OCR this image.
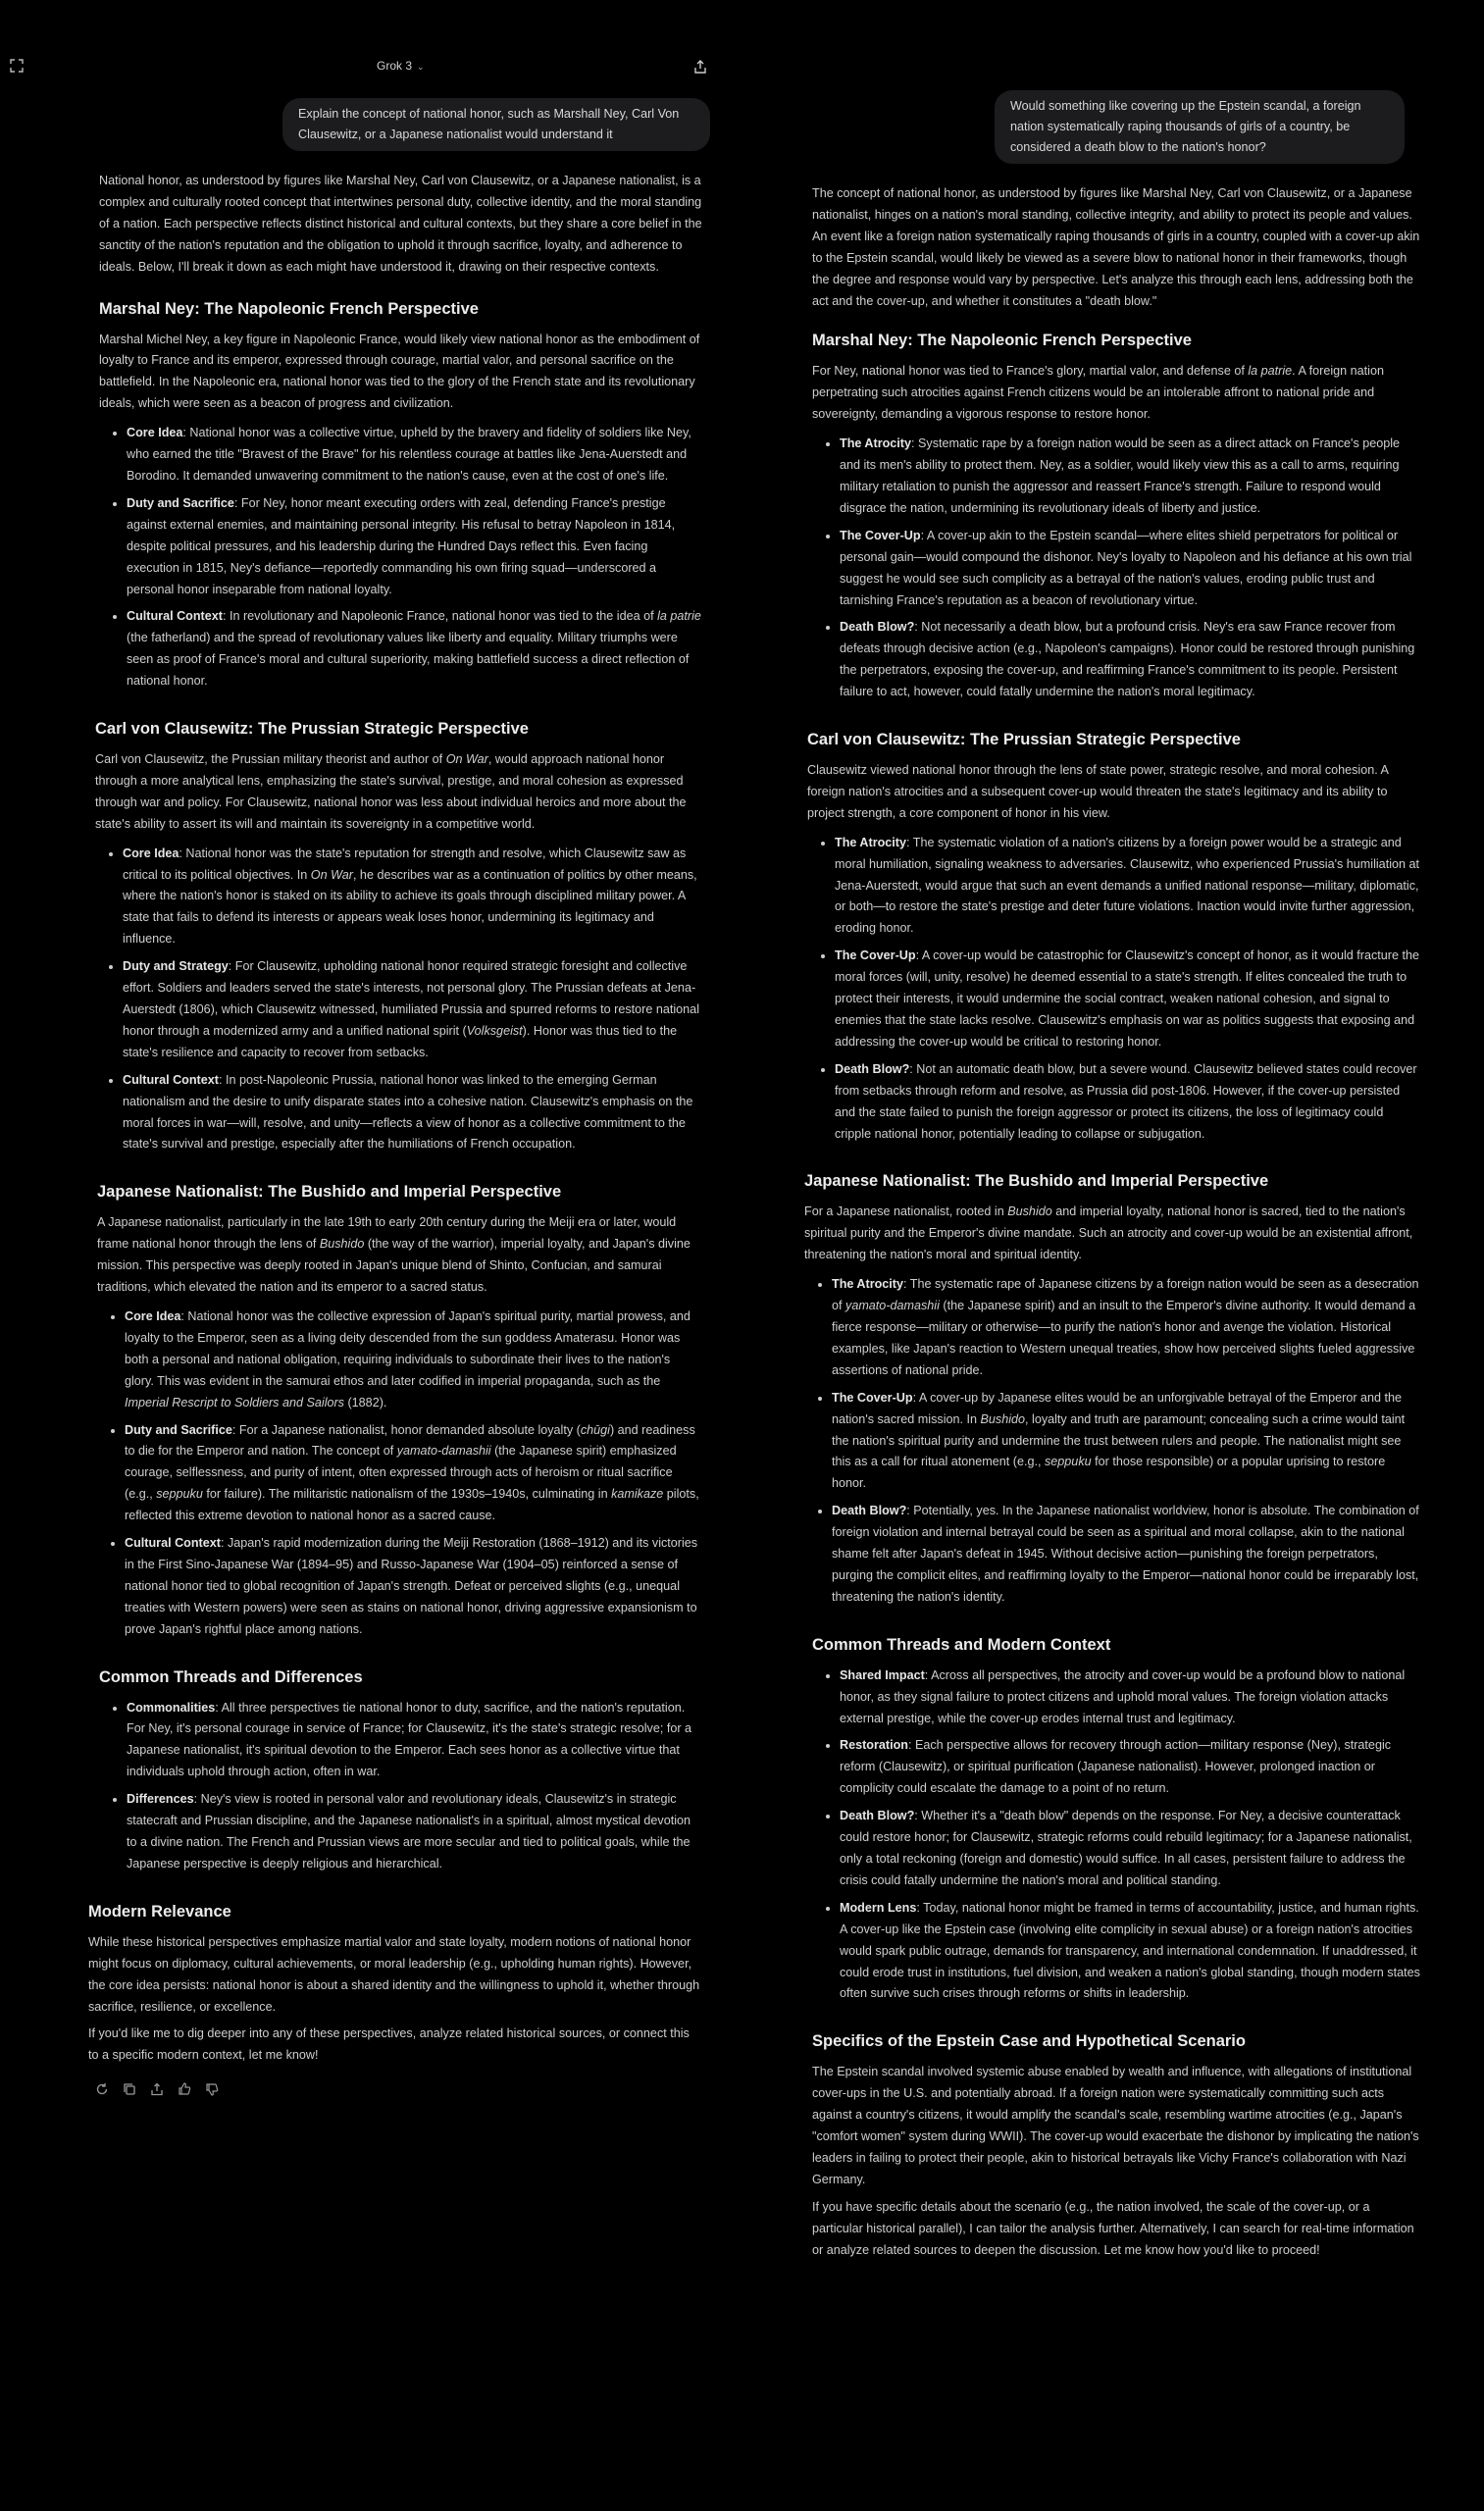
Grok 3 ⌄
Explain the concept of national honor, such as Marshall Ney, Carl Von Clausewitz, or a Japanese nationalist would understand it

National honor, as understood by figures like Marshal Ney, Carl von Clausewitz, or a Japanese nationalist, is a complex and culturally rooted concept that intertwines personal duty, collective identity, and the moral standing of a nation. Each perspective reflects distinct historical and cultural contexts, but they share a core belief in the sanctity of the nation's reputation and the obligation to uphold it through sacrifice, loyalty, and adherence to ideals. Below, I'll break it down as each might have understood it, drawing on their respective contexts.

Marshal Ney: The Napoleonic French Perspective

Marshal Michel Ney, a key figure in Napoleonic France, would likely view national honor as the embodiment of loyalty to France and its emperor, expressed through courage, martial valor, and personal sacrifice on the battlefield. In the Napoleonic era, national honor was tied to the glory of the French state and its revolutionary ideals, which were seen as a beacon of progress and civilization.

• Core Idea: National honor was a collective virtue, upheld by the bravery and fidelity of soldiers like Ney, who earned the title "Bravest of the Brave" for his relentless courage at battles like Jena-Auerstedt and Borodino. It demanded unwavering commitment to the nation's cause, even at the cost of one's life.
• Duty and Sacrifice: For Ney, honor meant executing orders with zeal, defending France's prestige against external enemies, and maintaining personal integrity. His refusal to betray Napoleon in 1814, despite political pressures, and his leadership during the Hundred Days reflect this. Even facing execution in 1815, Ney's defiance—reportedly commanding his own firing squad—underscored a personal honor inseparable from national loyalty.
• Cultural Context: In revolutionary and Napoleonic France, national honor was tied to the idea of la patrie (the fatherland) and the spread of revolutionary values like liberty and equality. Military triumphs were seen as proof of France's moral and cultural superiority, making battlefield success a direct reflection of national honor.
Carl von Clausewitz: The Prussian Strategic Perspective

Carl von Clausewitz, the Prussian military theorist and author of On War, would approach national honor through a more analytical lens, emphasizing the state's survival, prestige, and moral cohesion as expressed through war and policy. For Clausewitz, national honor was less about individual heroics and more about the state's ability to assert its will and maintain its sovereignty in a competitive world.

• Core Idea: National honor was the state's reputation for strength and resolve, which Clausewitz saw as critical to its political objectives. In On War, he describes war as a continuation of politics by other means, where the nation's honor is staked on its ability to achieve its goals through disciplined military power. A state that fails to defend its interests or appears weak loses honor, undermining its legitimacy and influence.
• Duty and Strategy: For Clausewitz, upholding national honor required strategic foresight and collective effort. Soldiers and leaders served the state's interests, not personal glory. The Prussian defeats at Jena-Auerstedt (1806), which Clausewitz witnessed, humiliated Prussia and spurred reforms to restore national honor through a modernized army and a unified national spirit (Volksgeist). Honor was thus tied to the state's resilience and capacity to recover from setbacks.
• Cultural Context: In post-Napoleonic Prussia, national honor was linked to the emerging German nationalism and the desire to unify disparate states into a cohesive nation. Clausewitz's emphasis on the moral forces in war—will, resolve, and unity—reflects a view of honor as a collective commitment to the state's survival and prestige, especially after the humiliations of French occupation.
Japanese Nationalist: The Bushido and Imperial Perspective

A Japanese nationalist, particularly in the late 19th to early 20th century during the Meiji era or later, would frame national honor through the lens of Bushido (the way of the warrior), imperial loyalty, and Japan's divine mission. This perspective was deeply rooted in Japan's unique blend of Shinto, Confucian, and samurai traditions, which elevated the nation and its emperor to a sacred status.

• Core Idea: National honor was the collective expression of Japan's spiritual purity, martial prowess, and loyalty to the Emperor, seen as a living deity descended from the sun goddess Amaterasu. Honor was both a personal and national obligation, requiring individuals to subordinate their lives to the nation's glory. This was evident in the samurai ethos and later codified in imperial propaganda, such as the Imperial Rescript to Soldiers and Sailors (1882).
• Duty and Sacrifice: For a Japanese nationalist, honor demanded absolute loyalty (chūgi) and readiness to die for the Emperor and nation. The concept of yamato-damashii (the Japanese spirit) emphasized courage, selflessness, and purity of intent, often expressed through acts of heroism or ritual sacrifice (e.g., seppuku for failure). The militaristic nationalism of the 1930s–1940s, culminating in kamikaze pilots, reflected this extreme devotion to national honor as a sacred cause.
• Cultural Context: Japan's rapid modernization during the Meiji Restoration (1868–1912) and its victories in the First Sino-Japanese War (1894–95) and Russo-Japanese War (1904–05) reinforced a sense of national honor tied to global recognition of Japan's strength. Defeat or perceived slights (e.g., unequal treaties with Western powers) were seen as stains on national honor, driving aggressive expansionism to prove Japan's rightful place among nations.
Common Threads and Differences
• Commonalities: All three perspectives tie national honor to duty, sacrifice, and the nation's reputation. For Ney, it's personal courage in service of France; for Clausewitz, it's the state's strategic resolve; for a Japanese nationalist, it's spiritual devotion to the Emperor. Each sees honor as a collective virtue that individuals uphold through action, often in war.
• Differences: Ney's view is rooted in personal valor and revolutionary ideals, Clausewitz's in strategic statecraft and Prussian discipline, and the Japanese nationalist's in a spiritual, almost mystical devotion to a divine nation. The French and Prussian views are more secular and tied to political goals, while the Japanese perspective is deeply religious and hierarchical.
Modern Relevance

While these historical perspectives emphasize martial valor and state loyalty, modern notions of national honor might focus on diplomacy, cultural achievements, or moral leadership (e.g., upholding human rights). However, the core idea persists: national honor is about a shared identity and the willingness to uphold it, whether through sacrifice, resilience, or excellence.

If you'd like me to dig deeper into any of these perspectives, analyze related historical sources, or connect this to a specific modern context, let me know!

Would something like covering up the Epstein scandal, a foreign nation systematically raping thousands of girls of a country, be considered a death blow to the nation's honor?

The concept of national honor, as understood by figures like Marshal Ney, Carl von Clausewitz, or a Japanese nationalist, hinges on a nation's moral standing, collective integrity, and ability to protect its people and values. An event like a foreign nation systematically raping thousands of girls in a country, coupled with a cover-up akin to the Epstein scandal, would likely be viewed as a severe blow to national honor in their frameworks, though the degree and response would vary by perspective. Let's analyze this through each lens, addressing both the act and the cover-up, and whether it constitutes a "death blow."

Marshal Ney: The Napoleonic French Perspective

For Ney, national honor was tied to France's glory, martial valor, and defense of la patrie. A foreign nation perpetrating such atrocities against French citizens would be an intolerable affront to national pride and sovereignty, demanding a vigorous response to restore honor.

• The Atrocity: Systematic rape by a foreign nation would be seen as a direct attack on France's people and its men's ability to protect them. Ney, as a soldier, would likely view this as a call to arms, requiring military retaliation to punish the aggressor and reassert France's strength. Failure to respond would disgrace the nation, undermining its revolutionary ideals of liberty and justice.
• The Cover-Up: A cover-up akin to the Epstein scandal—where elites shield perpetrators for political or personal gain—would compound the dishonor. Ney's loyalty to Napoleon and his defiance at his own trial suggest he would see such complicity as a betrayal of the nation's values, eroding public trust and tarnishing France's reputation as a beacon of revolutionary virtue.
• Death Blow?: Not necessarily a death blow, but a profound crisis. Ney's era saw France recover from defeats through decisive action (e.g., Napoleon's campaigns). Honor could be restored through punishing the perpetrators, exposing the cover-up, and reaffirming France's commitment to its people. Persistent failure to act, however, could fatally undermine the nation's moral legitimacy.
Carl von Clausewitz: The Prussian Strategic Perspective

Clausewitz viewed national honor through the lens of state power, strategic resolve, and moral cohesion. A foreign nation's atrocities and a subsequent cover-up would threaten the state's legitimacy and its ability to project strength, a core component of honor in his view.

• The Atrocity: The systematic violation of a nation's citizens by a foreign power would be a strategic and moral humiliation, signaling weakness to adversaries. Clausewitz, who experienced Prussia's humiliation at Jena-Auerstedt, would argue that such an event demands a unified national response—military, diplomatic, or both—to restore the state's prestige and deter future violations. Inaction would invite further aggression, eroding honor.
• The Cover-Up: A cover-up would be catastrophic for Clausewitz's concept of honor, as it would fracture the moral forces (will, unity, resolve) he deemed essential to a state's strength. If elites concealed the truth to protect their interests, it would undermine the social contract, weaken national cohesion, and signal to enemies that the state lacks resolve. Clausewitz's emphasis on war as politics suggests that exposing and addressing the cover-up would be critical to restoring honor.
• Death Blow?: Not an automatic death blow, but a severe wound. Clausewitz believed states could recover from setbacks through reform and resolve, as Prussia did post-1806. However, if the cover-up persisted and the state failed to punish the foreign aggressor or protect its citizens, the loss of legitimacy could cripple national honor, potentially leading to collapse or subjugation.
Japanese Nationalist: The Bushido and Imperial Perspective

For a Japanese nationalist, rooted in Bushido and imperial loyalty, national honor is sacred, tied to the nation's spiritual purity and the Emperor's divine mandate. Such an atrocity and cover-up would be an existential affront, threatening the nation's moral and spiritual identity.

• The Atrocity: The systematic rape of Japanese citizens by a foreign nation would be seen as a desecration of yamato-damashii (the Japanese spirit) and an insult to the Emperor's divine authority. It would demand a fierce response—military or otherwise—to purify the nation's honor and avenge the violation. Historical examples, like Japan's reaction to Western unequal treaties, show how perceived slights fueled aggressive assertions of national pride.
• The Cover-Up: A cover-up by Japanese elites would be an unforgivable betrayal of the Emperor and the nation's sacred mission. In Bushido, loyalty and truth are paramount; concealing such a crime would taint the nation's spiritual purity and undermine the trust between rulers and people. The nationalist might see this as a call for ritual atonement (e.g., seppuku for those responsible) or a popular uprising to restore honor.
• Death Blow?: Potentially, yes. In the Japanese nationalist worldview, honor is absolute. The combination of foreign violation and internal betrayal could be seen as a spiritual and moral collapse, akin to the national shame felt after Japan's defeat in 1945. Without decisive action—punishing the foreign perpetrators, purging the complicit elites, and reaffirming loyalty to the Emperor—national honor could be irreparably lost, threatening the nation's identity.
Common Threads and Modern Context
• Shared Impact: Across all perspectives, the atrocity and cover-up would be a profound blow to national honor, as they signal failure to protect citizens and uphold moral values. The foreign violation attacks external prestige, while the cover-up erodes internal trust and legitimacy.
• Restoration: Each perspective allows for recovery through action—military response (Ney), strategic reform (Clausewitz), or spiritual purification (Japanese nationalist). However, prolonged inaction or complicity could escalate the damage to a point of no return.
• Death Blow?: Whether it's a "death blow" depends on the response. For Ney, a decisive counterattack could restore honor; for Clausewitz, strategic reforms could rebuild legitimacy; for a Japanese nationalist, only a total reckoning (foreign and domestic) would suffice. In all cases, persistent failure to address the crisis could fatally undermine the nation's moral and political standing.
• Modern Lens: Today, national honor might be framed in terms of accountability, justice, and human rights. A cover-up like the Epstein case (involving elite complicity in sexual abuse) or a foreign nation's atrocities would spark public outrage, demands for transparency, and international condemnation. If unaddressed, it could erode trust in institutions, fuel division, and weaken a nation's global standing, though modern states often survive such crises through reforms or shifts in leadership.
Specifics of the Epstein Case and Hypothetical Scenario

The Epstein scandal involved systemic abuse enabled by wealth and influence, with allegations of institutional cover-ups in the U.S. and potentially abroad. If a foreign nation were systematically committing such acts against a country's citizens, it would amplify the scandal's scale, resembling wartime atrocities (e.g., Japan's "comfort women" system during WWII). The cover-up would exacerbate the dishonor by implicating the nation's leaders in failing to protect their people, akin to historical betrayals like Vichy France's collaboration with Nazi Germany.

If you have specific details about the scenario (e.g., the nation involved, the scale of the cover-up, or a particular historical parallel), I can tailor the analysis further. Alternatively, I can search for real-time information or analyze related sources to deepen the discussion. Let me know how you'd like to proceed!
